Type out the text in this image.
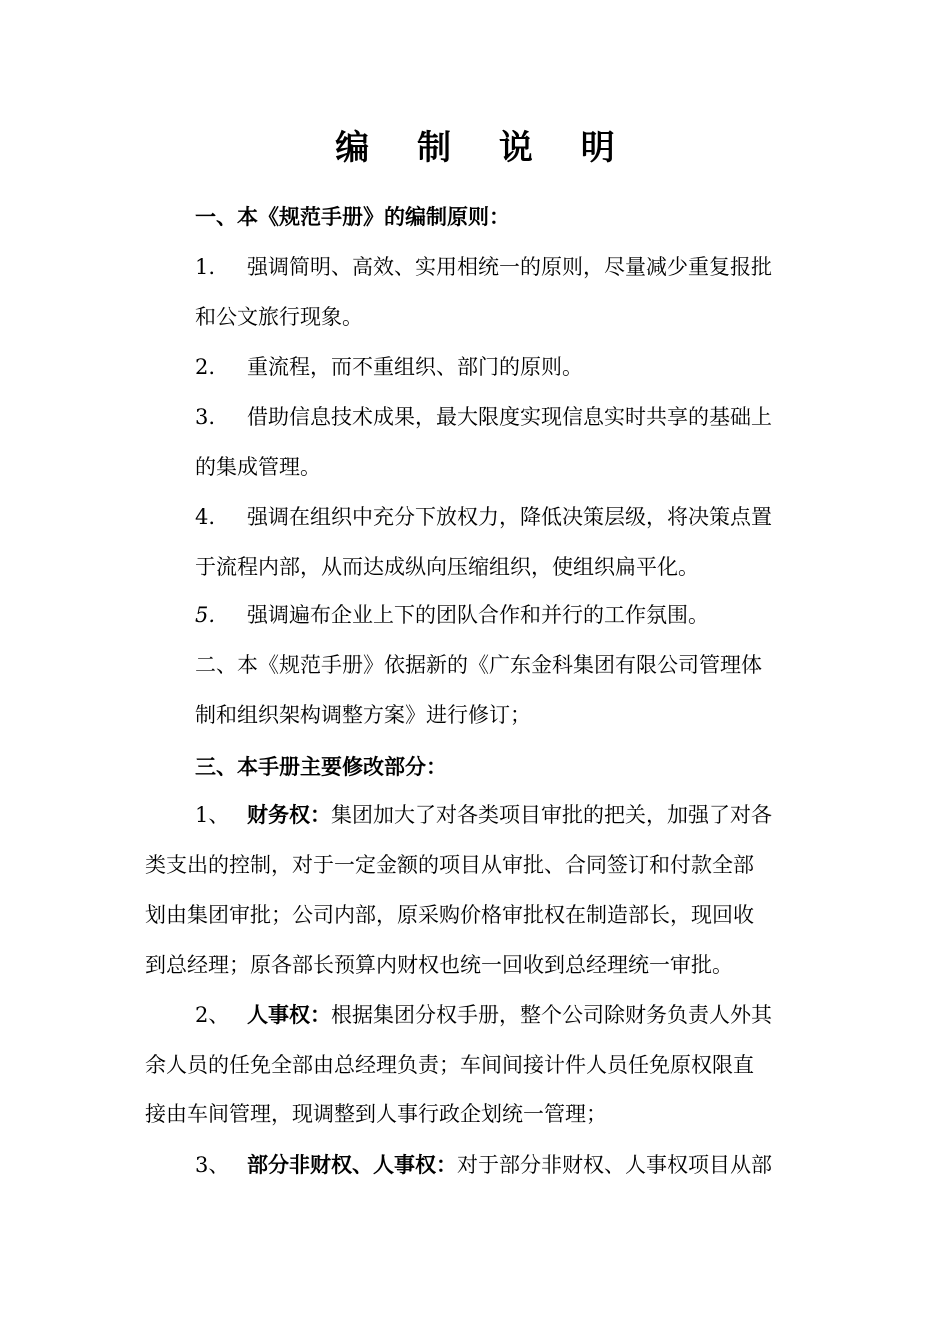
编 制 说 明
一、本《规范手册》的编制原则：
1. 强调简明、高效、实用相统一的原则，尽量减少重复报批
和公文旅行现象。
2. 重流程，而不重组织、部门的原则。
3. 借助信息技术成果，最大限度实现信息实时共享的基础上
的集成管理。
4. 强调在组织中充分下放权力，降低决策层级，将决策点置
于流程内部，从而达成纵向压缩组织，使组织扁平化。
5. 强调遍布企业上下的团队合作和并行的工作氛围。
二、本《规范手册》依据新的《广东金科集团有限公司管理体
制和组织架构调整方案》进行修订；
三、本手册主要修改部分：
1、 财务权：集团加大了对各类项目审批的把关，加强了对各
类支出的控制，对于一定金额的项目从审批、合同签订和付款全部
划由集团审批；公司内部，原采购价格审批权在制造部长，现回收
到总经理；原各部长预算内财权也统一回收到总经理统一审批。
2、 人事权：根据集团分权手册，整个公司除财务负责人外其
余人员的任免全部由总经理负责；车间间接计件人员任免原权限直
接由车间管理，现调整到人事行政企划统一管理；
3、 部分非财权、人事权：对于部分非财权、人事权项目从部
